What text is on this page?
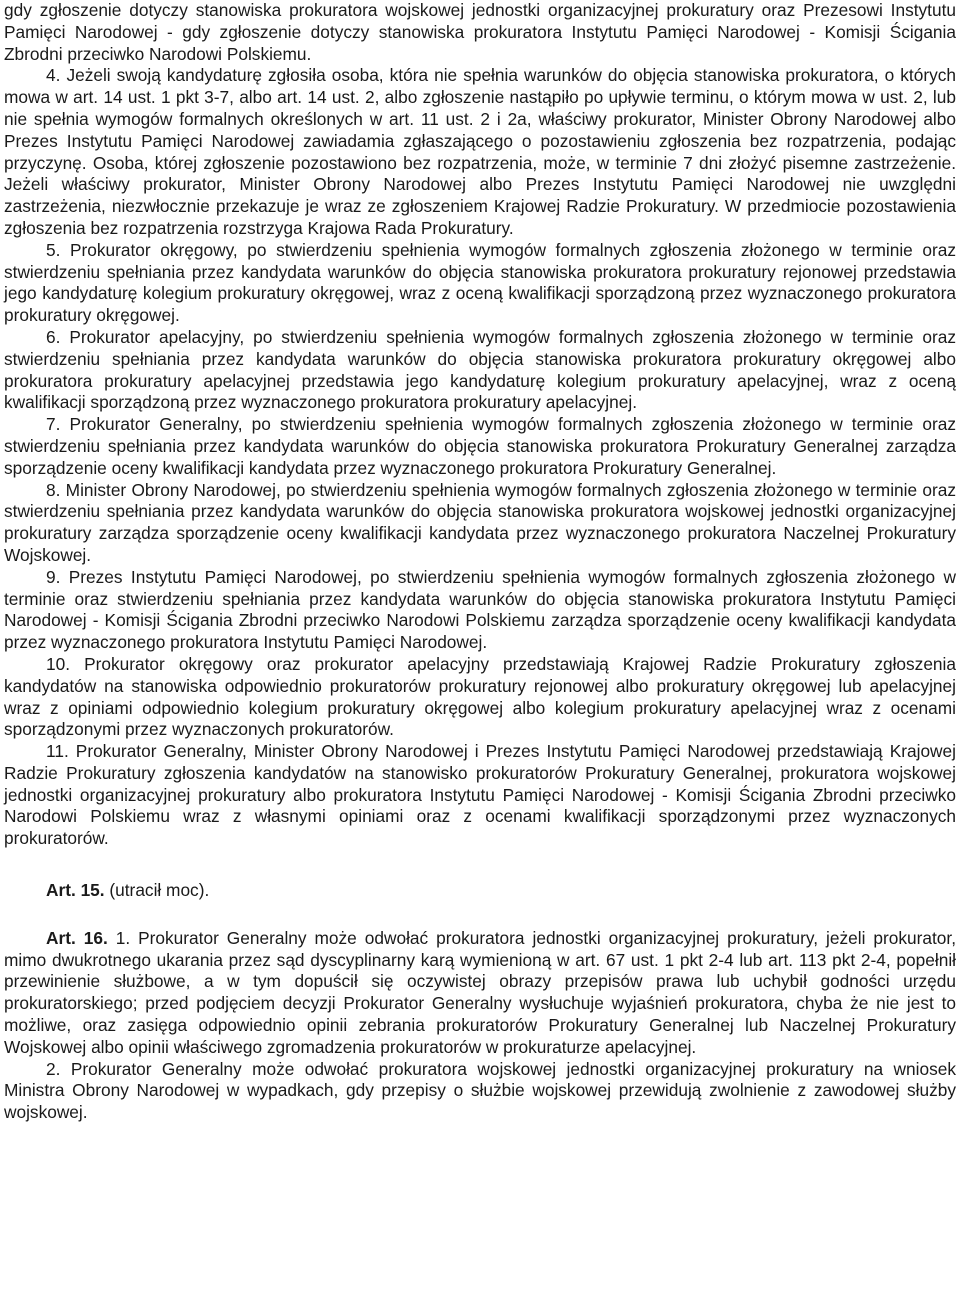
gdy zgłoszenie dotyczy stanowiska prokuratora wojskowej jednostki organizacyjnej prokuratury oraz Prezesowi Instytutu Pamięci Narodowej - gdy zgłoszenie dotyczy stanowiska prokuratora Instytutu Pamięci Narodowej - Komisji Ścigania Zbrodni przeciwko Narodowi Polskiemu.

4. Jeżeli swoją kandydaturę zgłosiła osoba, która nie spełnia warunków do objęcia stanowiska prokuratora, o których mowa w art. 14 ust. 1 pkt 3-7, albo art. 14 ust. 2, albo zgłoszenie nastąpiło po upływie terminu, o którym mowa w ust. 2, lub nie spełnia wymogów formalnych określonych w art. 11 ust. 2 i 2a, właściwy prokurator, Minister Obrony Narodowej albo Prezes Instytutu Pamięci Narodowej zawiadamia zgłaszającego o pozostawieniu zgłoszenia bez rozpatrzenia, podając przyczynę. Osoba, której zgłoszenie pozostawiono bez rozpatrzenia, może, w terminie 7 dni złożyć pisemne zastrzeżenie. Jeżeli właściwy prokurator, Minister Obrony Narodowej albo Prezes Instytutu Pamięci Narodowej nie uwzględni zastrzeżenia, niezwłocznie przekazuje je wraz ze zgłoszeniem Krajowej Radzie Prokuratury. W przedmiocie pozostawienia zgłoszenia bez rozpatrzenia rozstrzyga Krajowa Rada Prokuratury.

5. Prokurator okręgowy, po stwierdzeniu spełnienia wymogów formalnych zgłoszenia złożonego w terminie oraz stwierdzeniu spełniania przez kandydata warunków do objęcia stanowiska prokuratora prokuratury rejonowej przedstawia jego kandydaturę kolegium prokuratury okręgowej, wraz z oceną kwalifikacji sporządzoną przez wyznaczonego prokuratora prokuratury okręgowej.

6. Prokurator apelacyjny, po stwierdzeniu spełnienia wymogów formalnych zgłoszenia złożonego w terminie oraz stwierdzeniu spełniania przez kandydata warunków do objęcia stanowiska prokuratora prokuratury okręgowej albo prokuratora prokuratury apelacyjnej przedstawia jego kandydaturę kolegium prokuratury apelacyjnej, wraz z oceną kwalifikacji sporządzoną przez wyznaczonego prokuratora prokuratury apelacyjnej.

7. Prokurator Generalny, po stwierdzeniu spełnienia wymogów formalnych zgłoszenia złożonego w terminie oraz stwierdzeniu spełniania przez kandydata warunków do objęcia stanowiska prokuratora Prokuratury Generalnej zarządza sporządzenie oceny kwalifikacji kandydata przez wyznaczonego prokuratora Prokuratury Generalnej.

8. Minister Obrony Narodowej, po stwierdzeniu spełnienia wymogów formalnych zgłoszenia złożonego w terminie oraz stwierdzeniu spełniania przez kandydata warunków do objęcia stanowiska prokuratora wojskowej jednostki organizacyjnej prokuratury zarządza sporządzenie oceny kwalifikacji kandydata przez wyznaczonego prokuratora Naczelnej Prokuratury Wojskowej.

9. Prezes Instytutu Pamięci Narodowej, po stwierdzeniu spełnienia wymogów formalnych zgłoszenia złożonego w terminie oraz stwierdzeniu spełniania przez kandydata warunków do objęcia stanowiska prokuratora Instytutu Pamięci Narodowej - Komisji Ścigania Zbrodni przeciwko Narodowi Polskiemu zarządza sporządzenie oceny kwalifikacji kandydata przez wyznaczonego prokuratora Instytutu Pamięci Narodowej.

10. Prokurator okręgowy oraz prokurator apelacyjny przedstawiają Krajowej Radzie Prokuratury zgłoszenia kandydatów na stanowiska odpowiednio prokuratorów prokuratury rejonowej albo prokuratury okręgowej lub apelacyjnej wraz z opiniami odpowiednio kolegium prokuratury okręgowej albo kolegium prokuratury apelacyjnej wraz z ocenami sporządzonymi przez wyznaczonych prokuratorów.

11. Prokurator Generalny, Minister Obrony Narodowej i Prezes Instytutu Pamięci Narodowej przedstawiają Krajowej Radzie Prokuratury zgłoszenia kandydatów na stanowisko prokuratorów Prokuratury Generalnej, prokuratora wojskowej jednostki organizacyjnej prokuratury albo prokuratora Instytutu Pamięci Narodowej - Komisji Ścigania Zbrodni przeciwko Narodowi Polskiemu wraz z własnymi opiniami oraz z ocenami kwalifikacji sporządzonymi przez wyznaczonych prokuratorów.

Art. 15. (utracił moc).

Art. 16. 1. Prokurator Generalny może odwołać prokuratora jednostki organizacyjnej prokuratury, jeżeli prokurator, mimo dwukrotnego ukarania przez sąd dyscyplinarny karą wymienioną w art. 67 ust. 1 pkt 2-4 lub art. 113 pkt 2-4, popełnił przewinienie służbowe, a w tym dopuścił się oczywistej obrazy przepisów prawa lub uchybił godności urzędu prokuratorskiego; przed podjęciem decyzji Prokurator Generalny wysłuchuje wyjaśnień prokuratora, chyba że nie jest to możliwe, oraz zasięga odpowiednio opinii zebrania prokuratorów Prokuratury Generalnej lub Naczelnej Prokuratury Wojskowej albo opinii właściwego zgromadzenia prokuratorów w prokuraturze apelacyjnej.

2. Prokurator Generalny może odwołać prokuratora wojskowej jednostki organizacyjnej prokuratury na wniosek Ministra Obrony Narodowej w wypadkach, gdy przepisy o służbie wojskowej przewidują zwolnienie z zawodowej służby wojskowej.
